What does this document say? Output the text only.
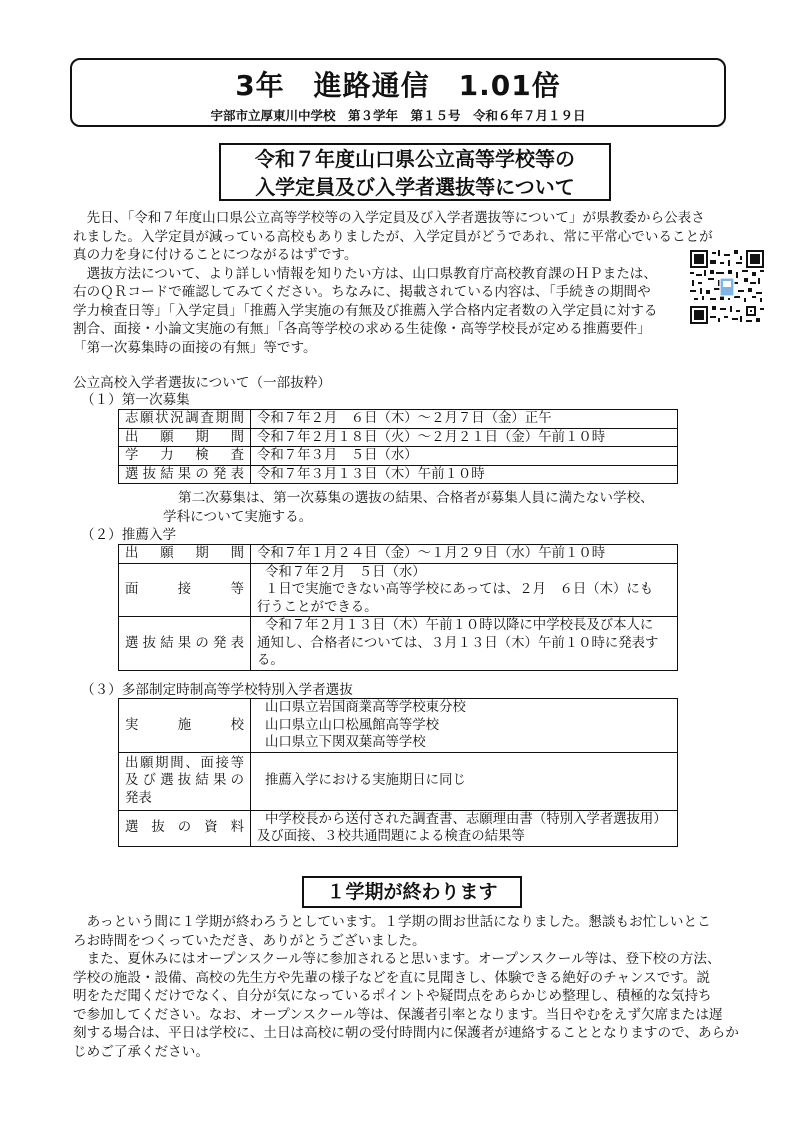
3年　進路通信　1.01倍
宇部市立厚東川中学校　第３学年　第１５号　令和６年７月１９日
令和７年度山口県公立高等学校等の
入学定員及び入学者選抜等について
　先日、「令和７年度山口県公立高等学校等の入学定員及び入学者選抜等について」が県教委から公表さ
れました。入学定員が減っている高校もありましたが、入学定員がどうであれ、常に平常心でいることが
真の力を身に付けることにつながるはずです。
　選抜方法について、より詳しい情報を知りたい方は、山口県教育庁高校教育課のＨＰまたは、
右のＱＲコードで確認してみてください。ちなみに、掲載されている内容は、「手続きの期間や
学力検査日等」「入学定員」「推薦入学実施の有無及び推薦入学合格内定者数の入学定員に対する
割合、面接・小論文実施の有無」「各高等学校の求める生徒像・高等学校長が定める推薦要件」
「第一次募集時の面接の有無」等です。
公立高校入学者選抜について（一部抜粋）
（１）第一次募集
志願状況調査期間	令和７年２月　６日（木）～２月７日（金）正午

出願期間	令和７年２月１８日（火）～２月２１日（金）午前１０時

学力検査	令和７年３月　５日（水）

選抜結果の発表	令和７年３月１３日（木）午前１０時
第二次募集は、第一次募集の選抜の結果、合格者が募集人員に満たない学校、
学科について実施する。
（２）推薦入学
出願期間	令和７年１月２４日（金）～１月２９日（水）午前１０時

面接等	令和７年２月　５日（水）
１日で実施できない高等学校にあっては、２月　６日（木）にも
行うことができる。

選抜結果の発表	令和７年２月１３日（木）午前１０時以降に中学校長及び本人に
通知し、合格者については、３月１３日（木）午前１０時に発表す
る。
（３）多部制定時制高等学校特別入学者選抜
実施校	山口県立岩国商業高等学校東分校
山口県立山口松風館高等学校
山口県立下関双葉高等学校

出願期間、面接等
及び選抜結果の
発表	推薦入学における実施期日に同じ

選抜の資料	中学校長から送付された調査書、志願理由書（特別入学者選抜用）
及び面接、３校共通問題による検査の結果等
１学期が終わります
　あっという間に１学期が終わろうとしています。１学期の間お世話になりました。懇談もお忙しいとこ
ろお時間をつくっていただき、ありがとうございました。
　また、夏休みにはオープンスクール等に参加されると思います。オープンスクール等は、登下校の方法、
学校の施設・設備、高校の先生方や先輩の様子などを直に見聞きし、体験できる絶好のチャンスです。説
明をただ聞くだけでなく、自分が気になっているポイントや疑問点をあらかじめ整理し、積極的な気持ち
で参加してください。なお、オープンスクール等は、保護者引率となります。当日やむをえず欠席または遅
刻する場合は、平日は学校に、土日は高校に朝の受付時間内に保護者が連絡することとなりますので、あらか
じめご了承ください。
